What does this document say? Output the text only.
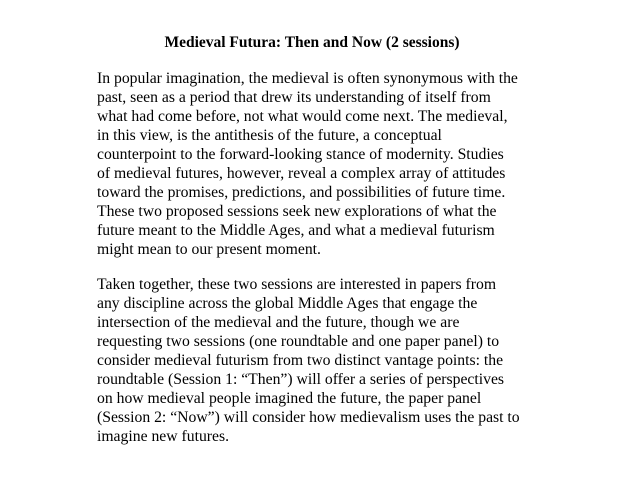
Medieval Futura: Then and Now (2 sessions)
In popular imagination, the medieval is often synonymous with the
past, seen as a period that drew its understanding of itself from
what had come before, not what would come next. The medieval,
in this view, is the antithesis of the future, a conceptual
counterpoint to the forward-looking stance of modernity. Studies
of medieval futures, however, reveal a complex array of attitudes
toward the promises, predictions, and possibilities of future time.
These two proposed sessions seek new explorations of what the
future meant to the Middle Ages, and what a medieval futurism
might mean to our present moment.
Taken together, these two sessions are interested in papers from
any discipline across the global Middle Ages that engage the
intersection of the medieval and the future, though we are
requesting two sessions (one roundtable and one paper panel) to
consider medieval futurism from two distinct vantage points: the
roundtable (Session 1: “Then”) will offer a series of perspectives
on how medieval people imagined the future, the paper panel
(Session 2: “Now”) will consider how medievalism uses the past to
imagine new futures.
